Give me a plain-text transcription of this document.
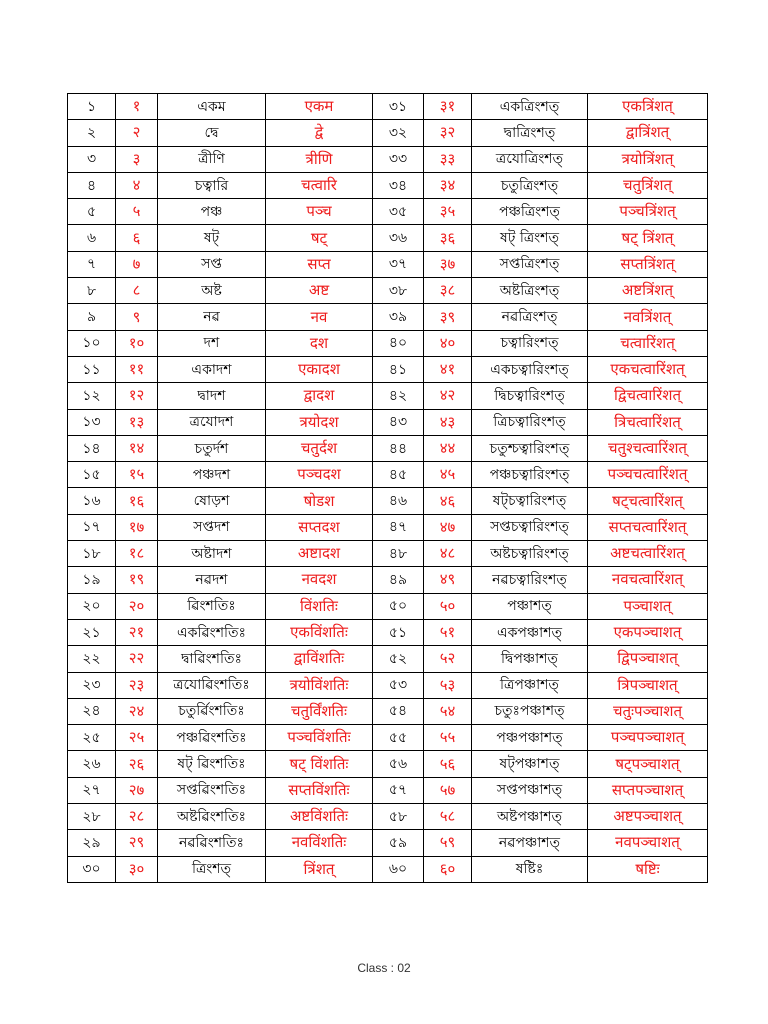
১	१	একম	एकम	৩১	३१	একত্রিংশত্	एकत्रिंशत्
২	२	দ্বে	द्वे	৩২	३२	দ্বাত্রিংশত্	द्वात्रिंशत्
৩	३	ত্রীণি	त्रीणि	৩৩	३३	ত্রযোত্রিংশত্	त्रयोत्रिंशत्
৪	४	চত্বারি	चत्वारि	৩৪	३४	চতুত্রিংশত্	चतुत्रिंशत्
৫	५	পঞ্চ	पञ्च	৩৫	३५	পঞ্চত্রিংশত্	पञ्चत्रिंशत्
৬	६	ষট্	षट्	৩৬	३६	ষট্ ত্রিংশত্	षट् त्रिंशत्
৭	७	সপ্ত	सप्त	৩৭	३७	সপ্তত্রিংশত্	सप्तत्रिंशत्
৮	८	অষ্ট	अष्ट	৩৮	३८	অষ্টত্রিংশত্	अष्टत्रिंशत्
৯	९	নৱ	नव	৩৯	३९	নৱত্রিংশত্	नवत्रिंशत्
১০	१०	দশ	दश	৪০	४०	চত্বারিংশত্	चत्वारिंशत्
১১	११	একাদশ	एकादश	৪১	४१	একচত্বারিংশত্	एकचत्वारिंशत्
১২	१२	দ্বাদশ	द्वादश	৪২	४२	দ্বিচত্বারিংশত্	द्विचत्वारिंशत्
১৩	१३	ত্রযোদশ	त्रयोदश	৪৩	४३	ত্রিচত্বারিংশত্	त्रिचत्वारिंशत्
১৪	१४	চতুর্দশ	चतुर्दश	৪৪	४४	চতুশ্চত্বারিংশত্	चतुश्चत्वारिंशत्
১৫	१५	পঞ্চদশ	पञ्चदश	৪৫	४५	পঞ্চচত্বারিংশত্	पञ्चचत्वारिंशत्
১৬	१६	ষোড়শ	षोडश	৪৬	४६	ষট্চত্বারিংশত্	षट्चत्वारिंशत्
১৭	१७	সপ্তদশ	सप्तदश	৪৭	४७	সপ্তচত্বারিংশত্	सप्तचत्वारिंशत्
১৮	१८	অষ্টাদশ	अष्टादश	৪৮	४८	অষ্টচত্বারিংশত্	अष्टचत्वारिंशत्
১৯	१९	নৱদশ	नवदश	৪৯	४९	নৱচত্বারিংশত্	नवचत्वारिंशत्
২০	२०	ৱিংশতিঃ	विंशतिः	৫০	५०	পঞ্চাশত্	पञ्चाशत्
২১	२१	একৱিংশতিঃ	एकविंशतिः	৫১	५१	একপঞ্চাশত্	एकपञ्चाशत्
২২	२२	দ্বাৱিংশতিঃ	द्वाविंशतिः	৫২	५२	দ্বিপঞ্চাশত্	द्विपञ्चाशत्
২৩	२३	ত্রযোৱিংশতিঃ	त्रयोविंशतिः	৫৩	५३	ত্রিপঞ্চাশত্	त्रिपञ्चाशत्
২৪	२४	চতুর্ৱিংশতিঃ	चतुर्विंशतिः	৫৪	५४	চতুঃপঞ্চাশত্	चतुःपञ्चाशत्
২৫	२५	পঞ্চৱিংশতিঃ	पञ्चविंशतिः	৫৫	५५	পঞ্চপঞ্চাশত্	पञ्चपञ्चाशत्
২৬	२६	ষট্ ৱিংশতিঃ	षट् विंशतिः	৫৬	५६	ষট্পঞ্চাশত্	षट्पञ्चाशत्
২৭	२७	সপ্তৱিংশতিঃ	सप्तविंशतिः	৫৭	५७	সপ্তপঞ্চাশত্	सप्तपञ्चाशत्
২৮	२८	অষ্টৱিংশতিঃ	अष्टविंशतिः	৫৮	५८	অষ্টপঞ্চাশত্	अष्टपञ्चाशत्
২৯	२९	নৱৱিংশতিঃ	नवविंशतिः	৫৯	५९	নৱপঞ্চাশত্	नवपञ्चाशत्
৩০	३०	ত্রিংশত্	त्रिंशत्	৬০	६०	ষষ্টিঃ	षष्टिः
Class : 02
